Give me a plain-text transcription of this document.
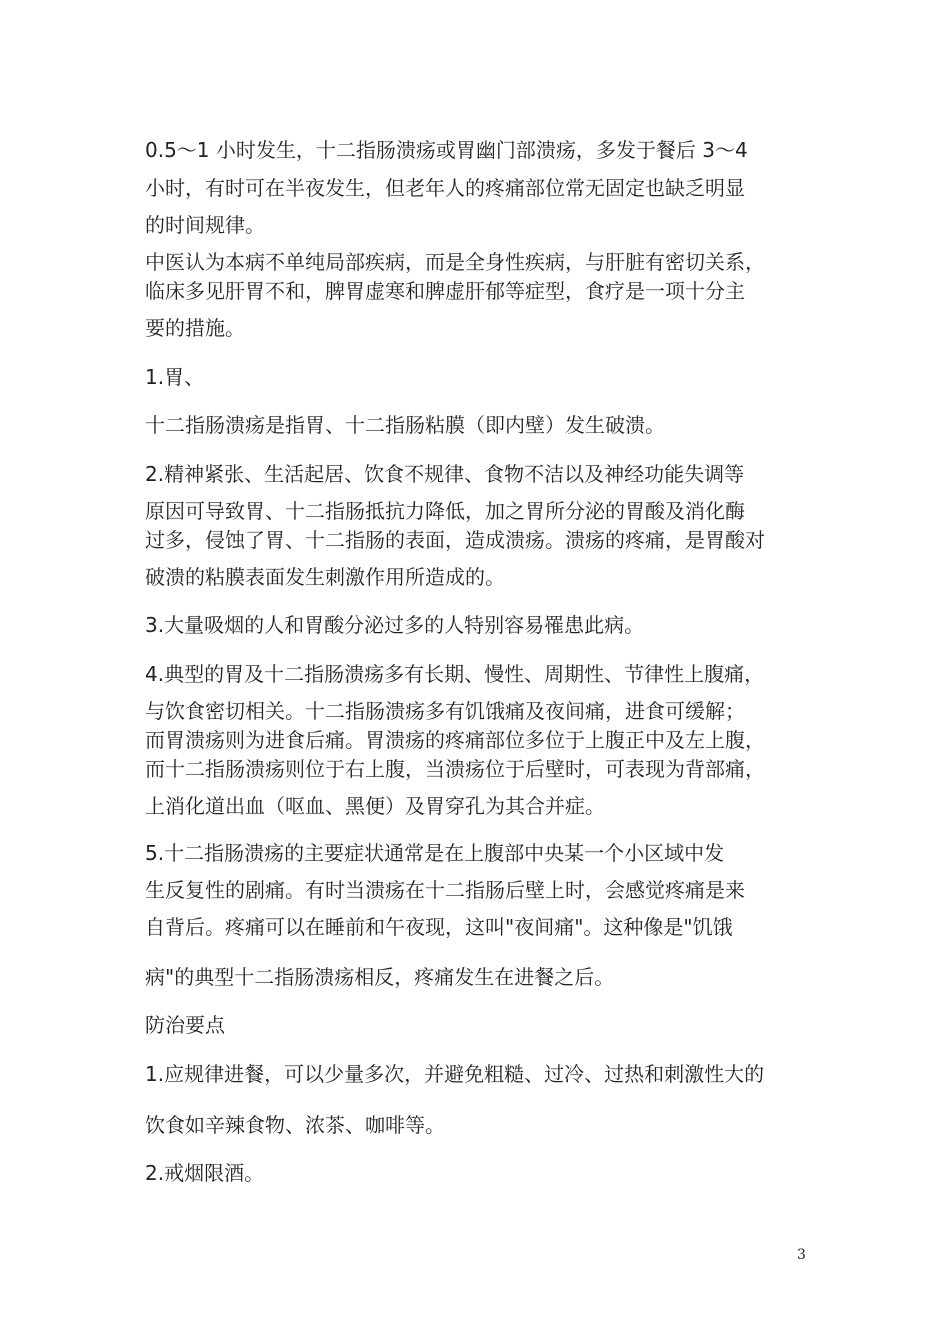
0.5～1 小时发生，十二指肠溃疡或胃幽门部溃疡，多发于餐后 3～4
小时，有时可在半夜发生，但老年人的疼痛部位常无固定也缺乏明显
的时间规律。
中医认为本病不单纯局部疾病，而是全身性疾病，与肝脏有密切关系，
临床多见肝胃不和，脾胃虚寒和脾虚肝郁等症型，食疗是一项十分主
要的措施。
1.胃、
十二指肠溃疡是指胃、十二指肠粘膜（即内壁）发生破溃。
2.精神紧张、生活起居、饮食不规律、食物不洁以及神经功能失调等
原因可导致胃、十二指肠抵抗力降低，加之胃所分泌的胃酸及消化酶
过多，侵蚀了胃、十二指肠的表面，造成溃疡。溃疡的疼痛，是胃酸对
破溃的粘膜表面发生刺激作用所造成的。
3.大量吸烟的人和胃酸分泌过多的人特别容易罹患此病。
4.典型的胃及十二指肠溃疡多有长期、慢性、周期性、节律性上腹痛，
与饮食密切相关。十二指肠溃疡多有饥饿痛及夜间痛，进食可缓解；
而胃溃疡则为进食后痛。胃溃疡的疼痛部位多位于上腹正中及左上腹，
而十二指肠溃疡则位于右上腹，当溃疡位于后壁时，可表现为背部痛，
上消化道出血（呕血、黑便）及胃穿孔为其合并症。
5.十二指肠溃疡的主要症状通常是在上腹部中央某一个小区域中发
生反复性的剧痛。有时当溃疡在十二指肠后壁上时，会感觉疼痛是来
自背后。疼痛可以在睡前和午夜现，这叫"夜间痛"。这种像是"饥饿
病"的典型十二指肠溃疡相反，疼痛发生在进餐之后。
防治要点
1.应规律进餐，可以少量多次，并避免粗糙、过冷、过热和刺激性大的
饮食如辛辣食物、浓茶、咖啡等。
2.戒烟限酒。
3
